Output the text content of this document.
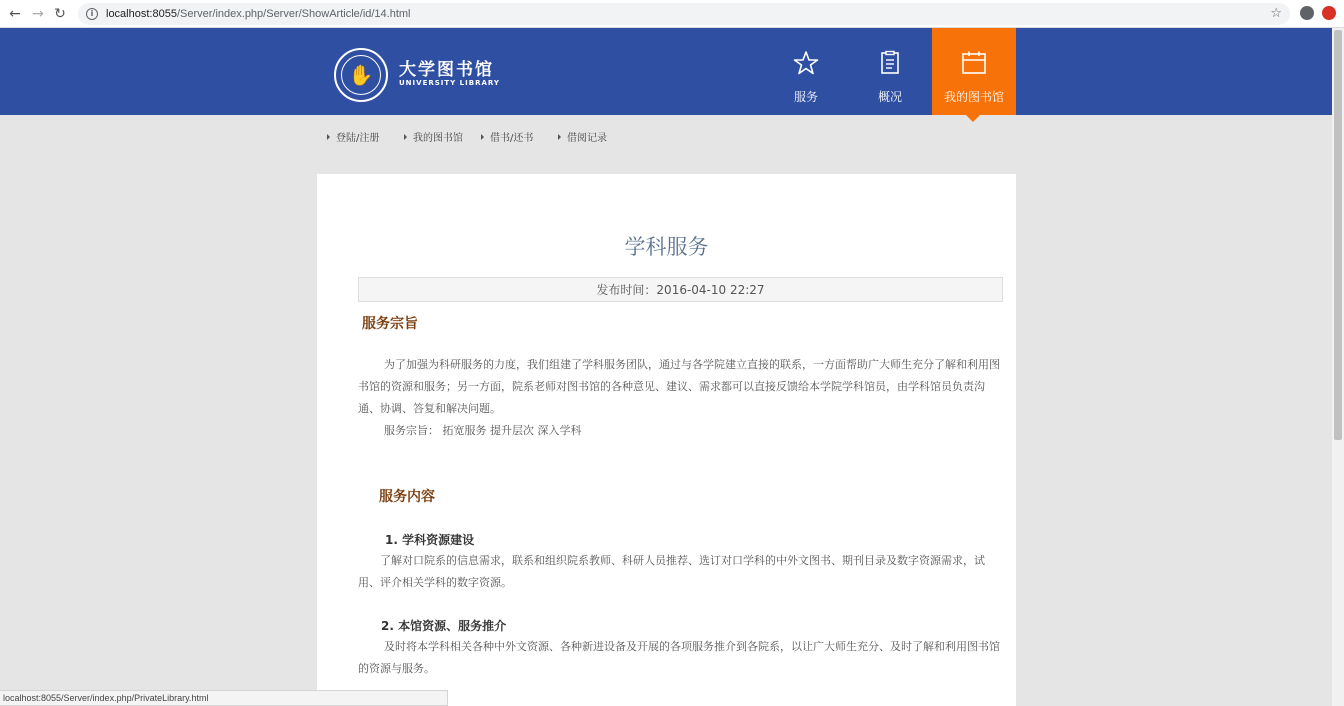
← → ↻	i	localhost:8055/Server/index.php/Server/ShowArticle/id/14.html	☆
✋	大学图书馆
UNIVERSITY LIBRARY
服务	概况	我的图书馆
登陆/注册	我的图书馆	借书/还书	借阅记录
学科服务
发布时间：2016-04-10 22:27
服务宗旨
为了加强为科研服务的力度，我们组建了学科服务团队，通过与各学院建立直接的联系，一方面帮助广大师生充分了解和利用图书馆的资源和服务；另一方面，院系老师对图书馆的各种意见、建议、需求都可以直接反馈给本学院学科馆员，由学科馆员负责沟通、协调、答复和解决问题。
服务宗旨： 拓宽服务 提升层次 深入学科
服务内容
1. 学科资源建设
了解对口院系的信息需求，联系和组织院系教师、科研人员推荐、选订对口学科的中外文图书、期刊目录及数字资源需求，试用、评介相关学科的数字资源。
2. 本馆资源、服务推介
及时将本学科相关各种中外文资源、各种新进设备及开展的各项服务推介到各院系，以让广大师生充分、及时了解和利用图书馆的资源与服务。
localhost:8055/Server/index.php/PrivateLibrary.html
